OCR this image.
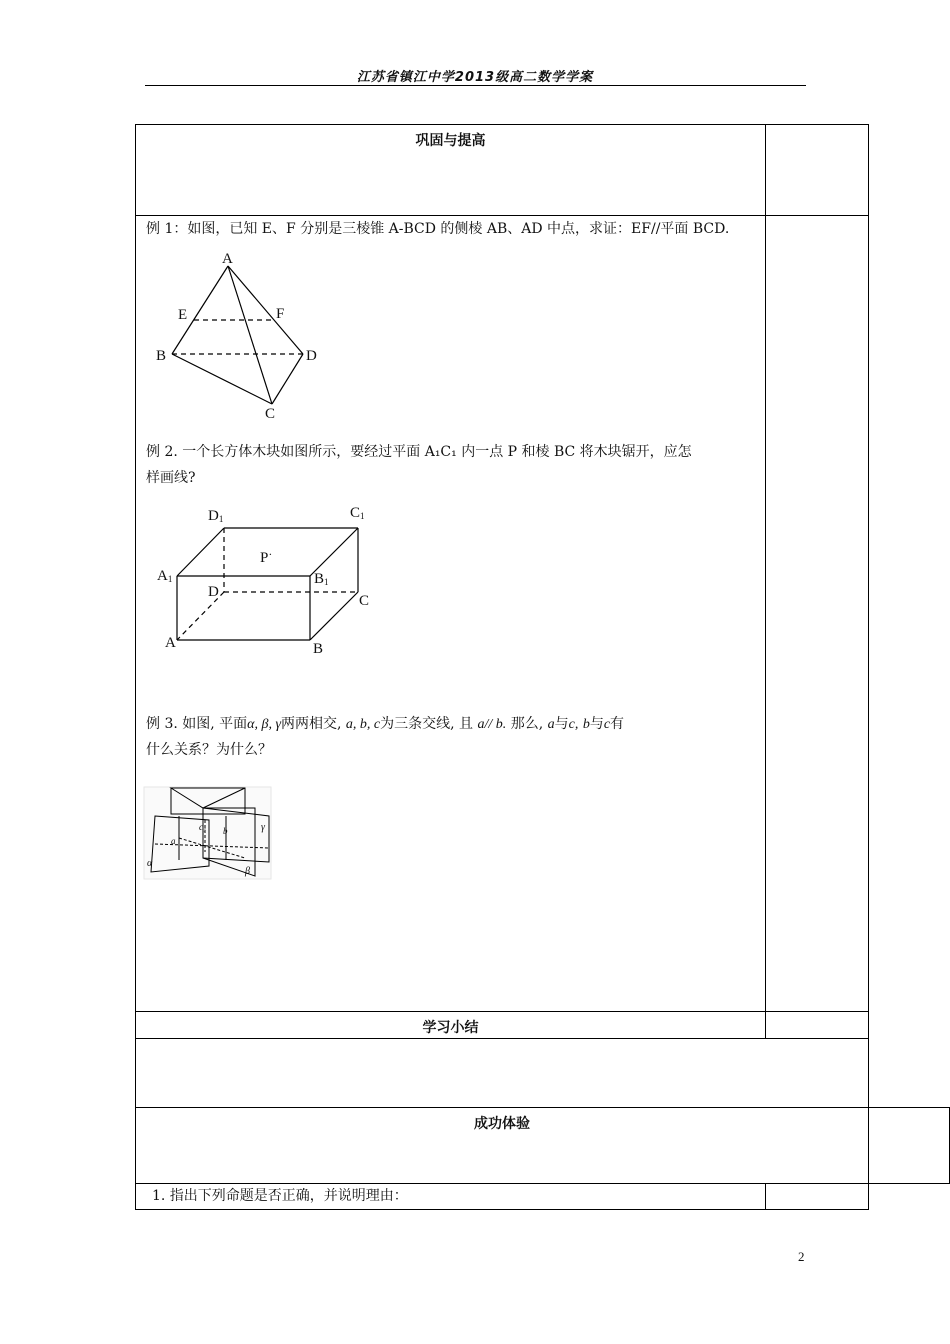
江苏省镇江中学2013级高二数学学案
巩固与提高
学习小结
成功体验
例 1：如图，已知 E、F 分别是三棱锥 A-BCD 的侧棱 AB、AD 中点，求证：EF//平面 BCD.
A
E	F
B	D
C
例 2. 一个长方体木块如图所示，要经过平面 A₁C₁ 内一点 P 和棱 BC 将木块锯开，应怎
样画线?
D1	C1
P·
A1	B1
D
C
A	B
例 3. 如图, 平面α, β, γ两两相交, a, b, c为三条交线, 且 a// b. 那么, a与c, b与c有
什么关系？为什么？
c₁
a
b	γ
α
β
1. 指出下列命题是否正确，并说明理由：
2
